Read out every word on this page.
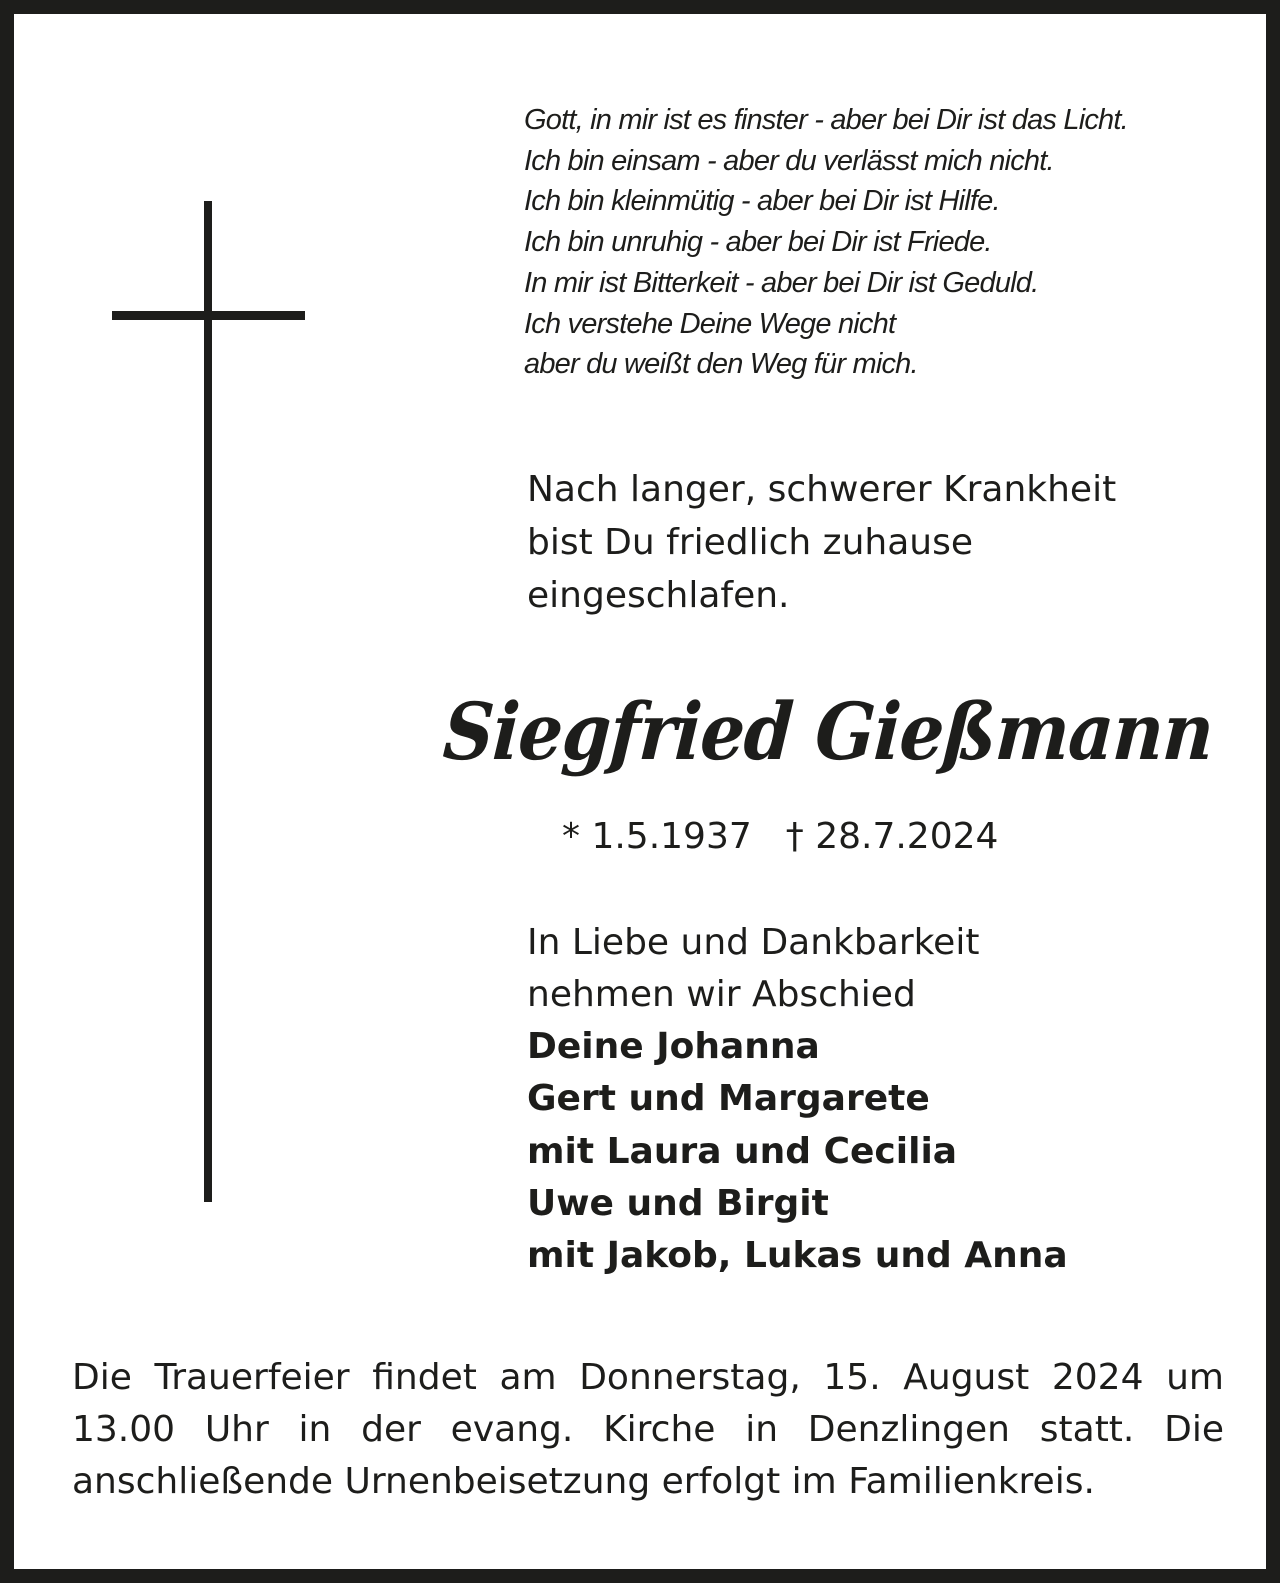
Gott, in mir ist es finster - aber bei Dir ist das Licht.
Ich bin einsam - aber du verlässt mich nicht.
Ich bin kleinmütig - aber bei Dir ist Hilfe.
Ich bin unruhig - aber bei Dir ist Friede.
In mir ist Bitterkeit - aber bei Dir ist Geduld.
Ich verstehe Deine Wege nicht
aber du weißt den Weg für mich.
Nach langer, schwerer Krankheit
bist Du friedlich zuhause
eingeschlafen.
Siegfried Gießmann
* 1.5.1937 † 28.7.2024
In Liebe und Dankbarkeit
nehmen wir Abschied
Deine Johanna
Gert und Margarete
mit Laura und Cecilia
Uwe und Birgit
mit Jakob, Lukas und Anna
Die Trauerfeier findet am Donnerstag, 15. August 2024 um 13.00 Uhr in der evang. Kirche in Denzlingen statt. Die anschließende Urnenbeisetzung erfolgt im Familienkreis.
